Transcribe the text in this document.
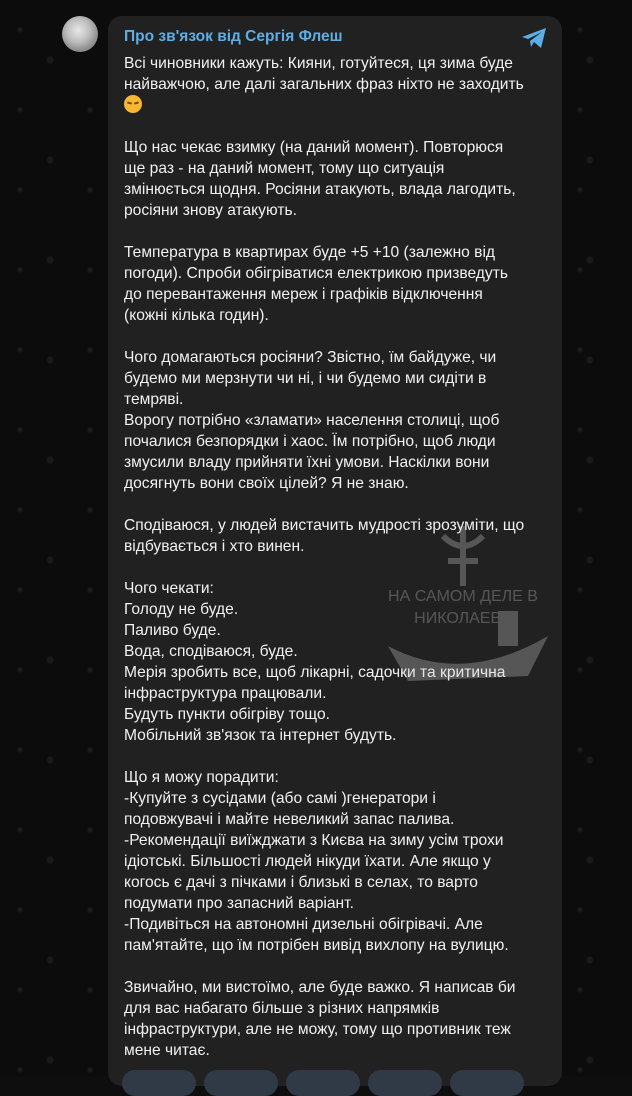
Про зв'язок від Сергія Флеш
Всі чиновники кажуть: Кияни, готуйтеся, ця зима буде
найважчою, але далі загальних фраз ніхто не заходить
Що нас чекає взимку (на даний момент). Повторюся
ще раз - на даний момент, тому що ситуація
змінюється щодня. Росіяни атакують, влада лагодить,
росіяни знову атакують.
Температура в квартирах буде +5 +10 (залежно від
погоди). Спроби обігріватися електрикою призведуть
до перевантаження мереж і графіків відключення
(кожні кілька годин).
Чого домагаються росіяни? Звістно, їм байдуже, чи
будемо ми мерзнути чи ні, і чи будемо ми сидіти в
темряві.
Ворогу потрібно «зламати» населення столиці, щоб
почалися безпорядки і хаос. Їм потрібно, щоб люди
змусили владу прийняти їхні умови. Наскілки вони
досягнуть вони своїх цілей? Я не знаю.
Сподіваюся, у людей вистачить мудрості зрозуміти, що
відбувається і хто винен.
Чого чекати:
Голоду не буде.
Паливо буде.
Вода, сподіваюся, буде.
Мерія зробить все, щоб лікарні, садочки та критична
інфраструктура працювали.
Будуть пункти обігріву тощо.
Мобільний зв'язок та інтернет будуть.
Що я можу порадити:
-Купуйте з сусідами (або самі )генератори і
подовжувачі і майте невеликий запас палива.
-Рекомендації виїжджати з Києва на зиму усім трохи
ідіотські. Більшості людей нікуди їхати. Але якщо у
когось є дачі з пічками і близькі в селах, то варто
подумати про запасний варіант.
-Подивіться на автономні дизельні обігрівачі. Але
пам'ятайте, що їм потрібен вивід вихлопу на вулицю.
Звичайно, ми вистоїмо, але буде важко. Я написав би
для вас набагато більше з різних напрямків
інфраструктури, але не можу, тому що противник теж
мене читає.
НА САМОМ ДЕЛЕ В НИКОЛАЕВЕ
